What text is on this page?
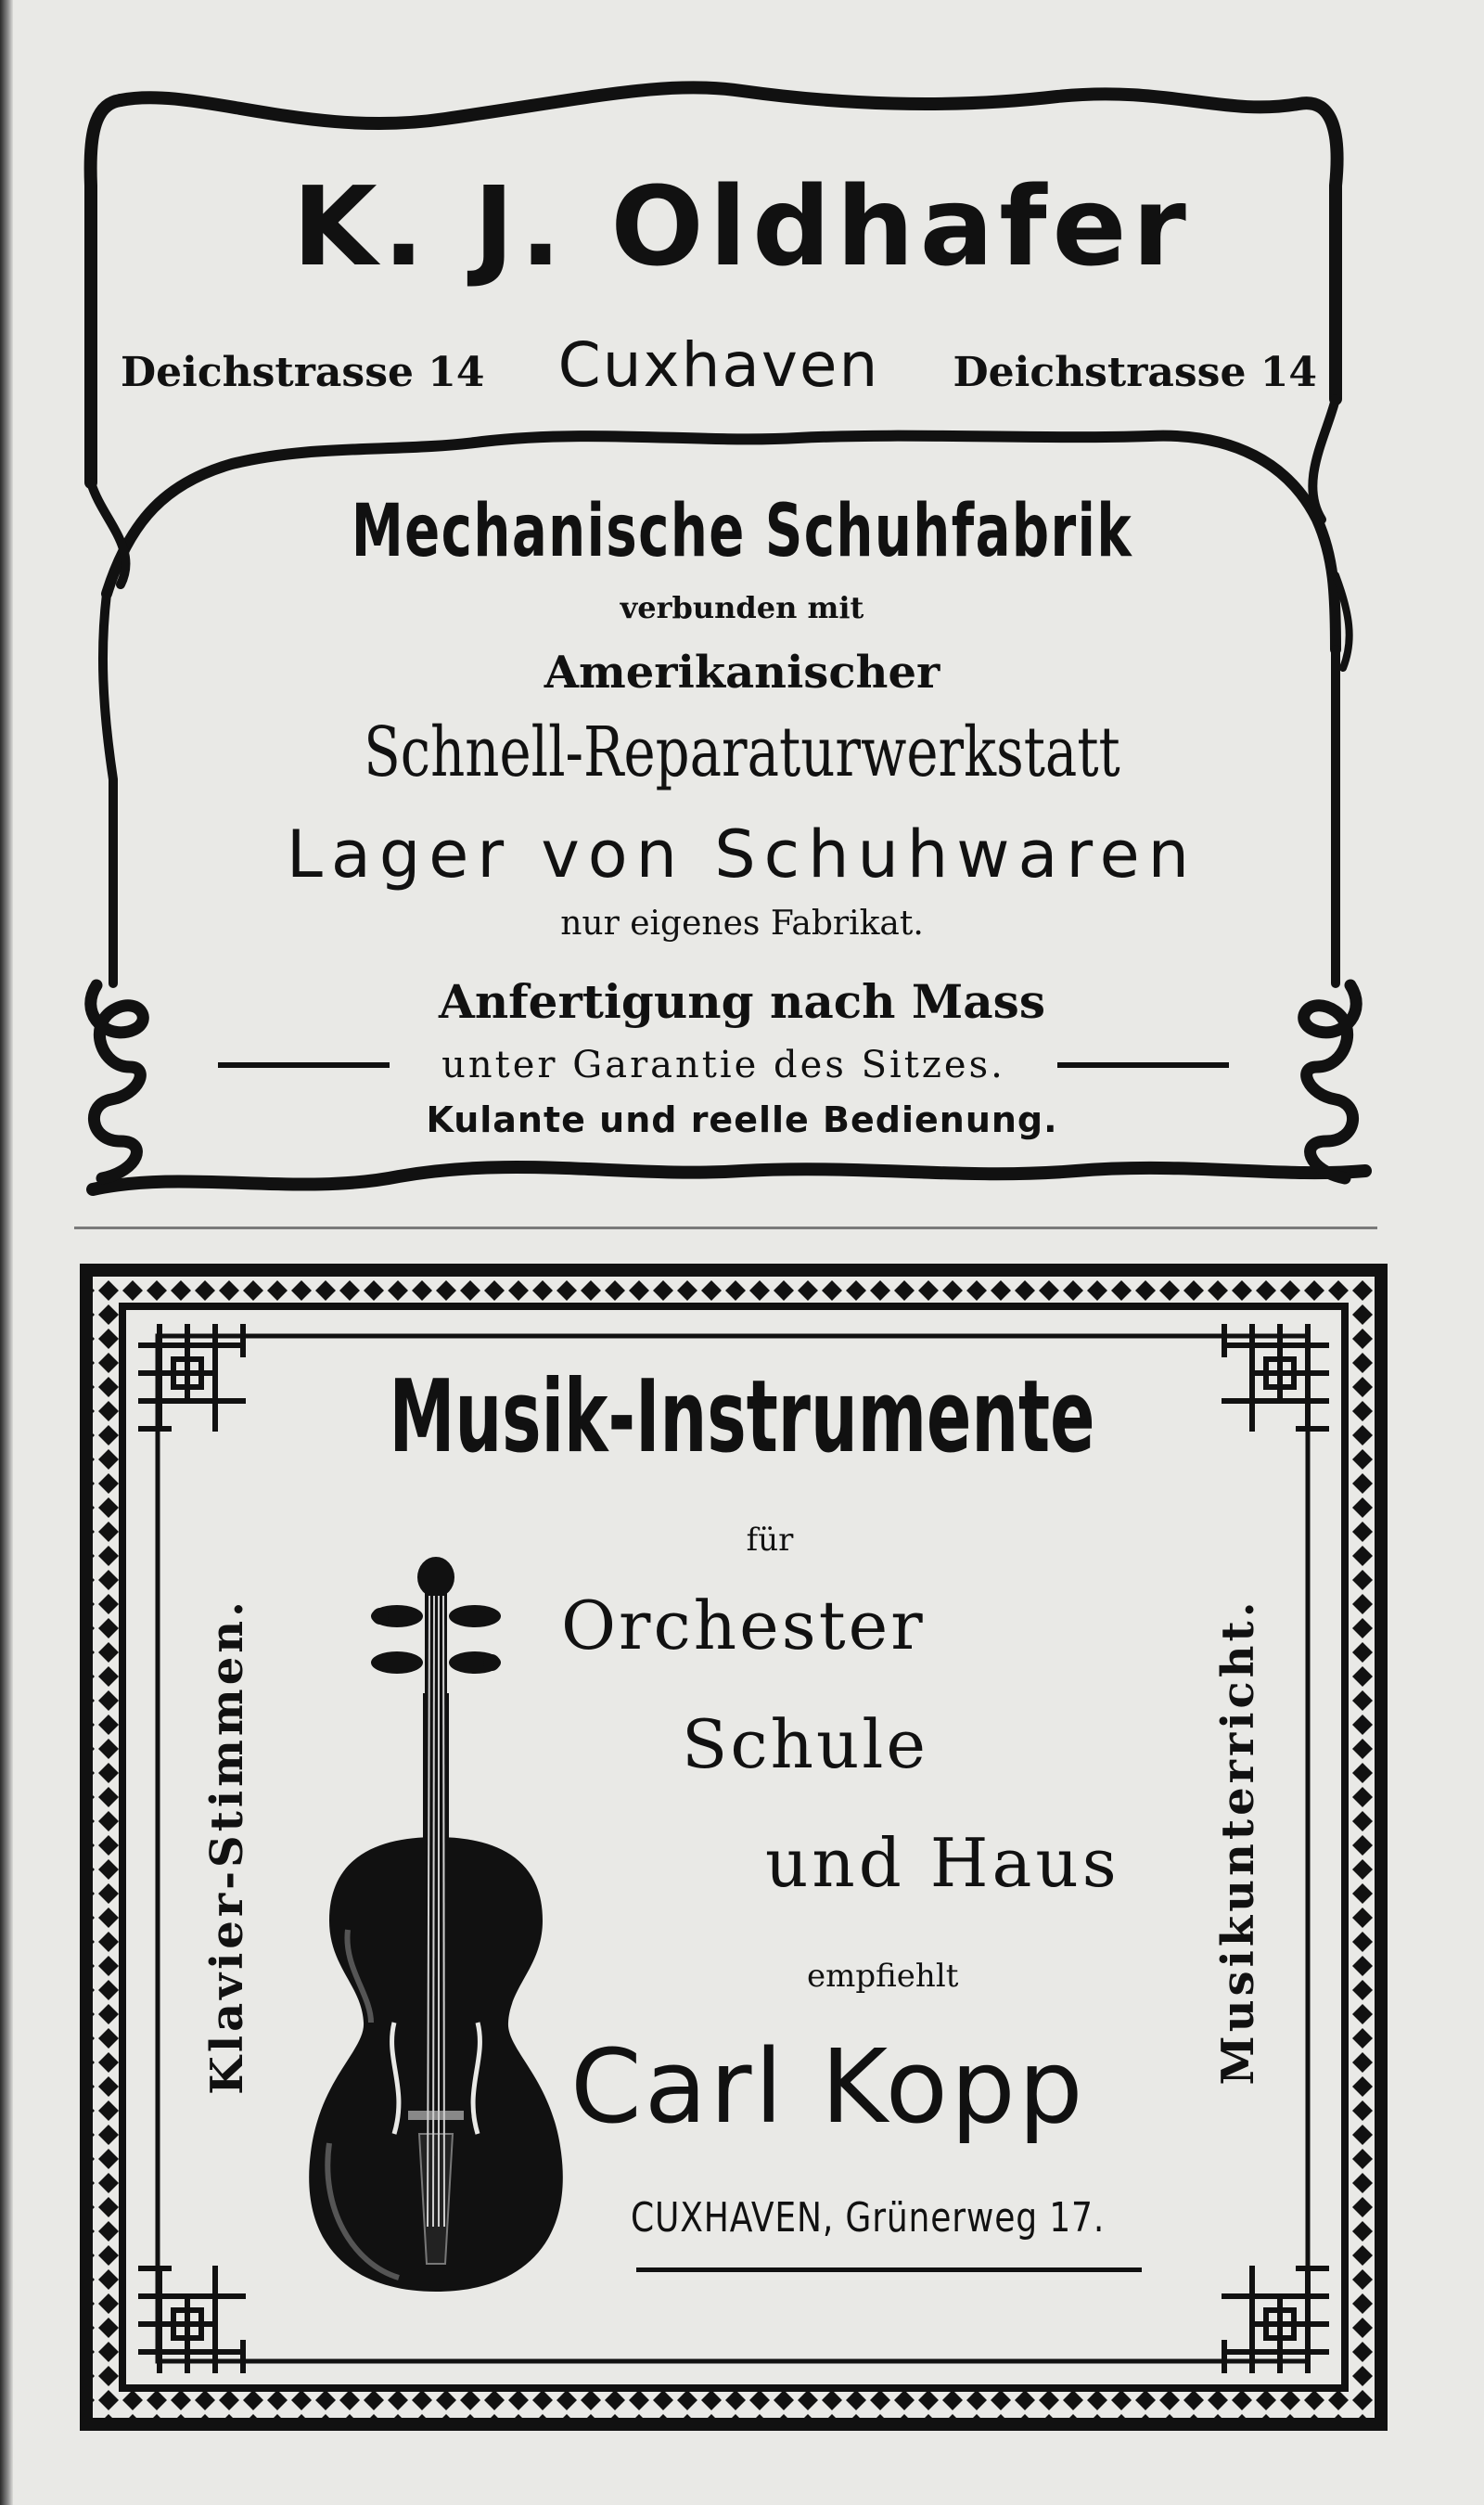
K. J. Oldhafer
Deichstrasse 14 Cuxhaven Deichstrasse 14
Mechanische Schuhfabrik
verbunden mit
Amerikanischer
Schnell-Reparaturwerkstatt
Lager von Schuhwaren
nur eigenes Fabrikat.
Anfertigung nach Mass
unter Garantie des Sitzes.
Kulante und reelle Bedienung.
Musik-Instrumente
für
Orchester
Schule
und Haus
empfiehlt
Carl Kopp
CUXHAVEN, Grünerweg 17.
Klavier-Stimmen.	Musikunterricht.
